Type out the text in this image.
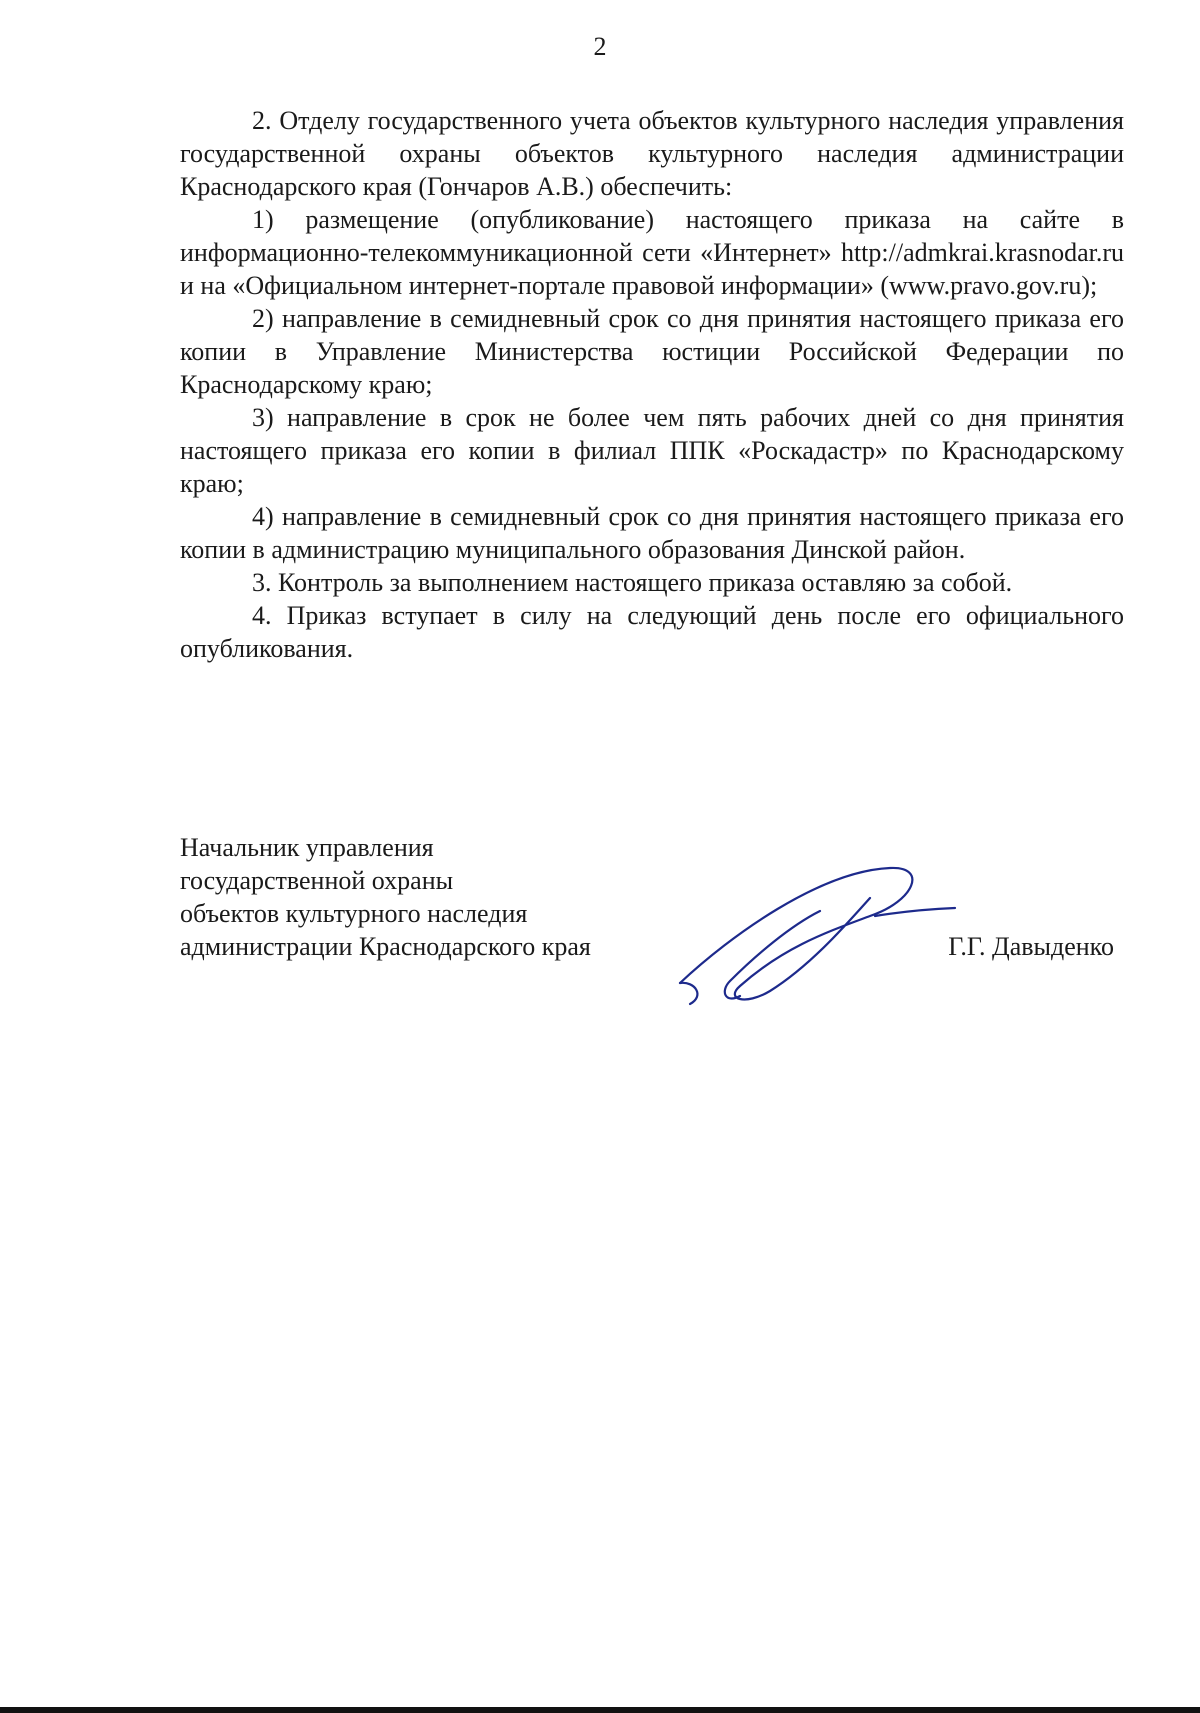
2

2. Отделу государственного учета объектов культурного наследия управления государственной охраны объектов культурного наследия администрации Краснодарского края (Гончаров А.В.) обеспечить:

1) размещение (опубликование) настоящего приказа на сайте в информационно-телекоммуникационной сети «Интернет» http://admkrai.krasnodar.ru и на «Официальном интернет-портале правовой информации» (www.pravo.gov.ru);

2) направление в семидневный срок со дня принятия настоящего приказа его копии в Управление Министерства юстиции Российской Федерации по Краснодарскому краю;

3) направление в срок не более чем пять рабочих дней со дня принятия настоящего приказа его копии в филиал ППК «Роскадастр» по Краснодарскому краю;

4) направление в семидневный срок со дня принятия настоящего приказа его копии в администрацию муниципального образования Динской район.

3. Контроль за выполнением настоящего приказа оставляю за собой.

4. Приказ вступает в силу на следующий день после его официального опубликования.

Начальник управления
государственной охраны
объектов культурного наследия
администрации Краснодарского края	Г.Г. Давыденко
